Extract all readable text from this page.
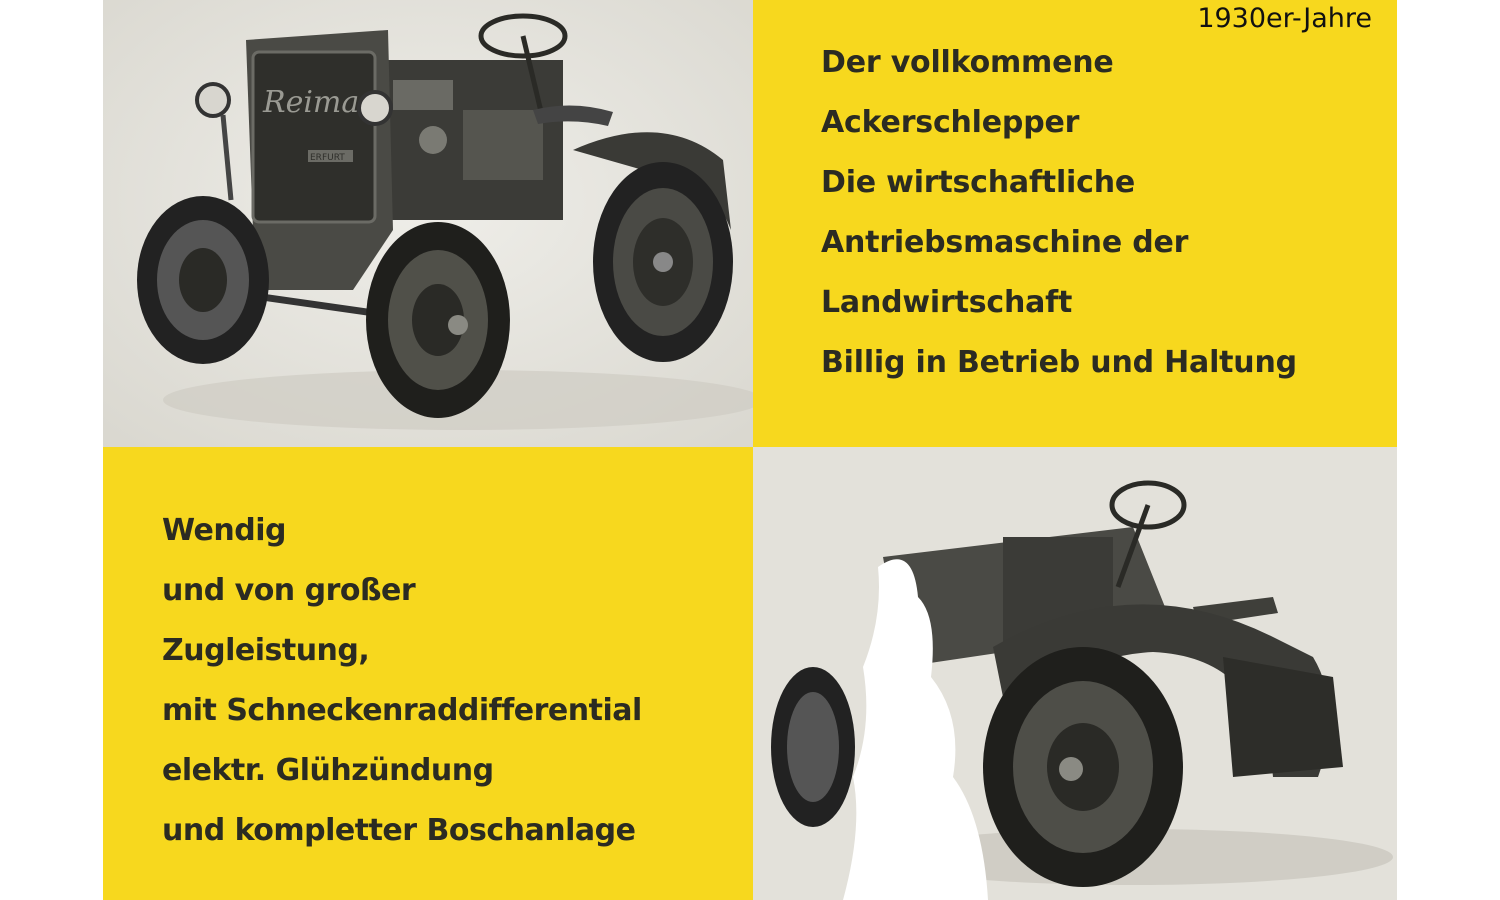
Reima
ERFURT
Der vollkommene
Ackerschlepper
Die wirtschaftliche
Antriebsmaschine der
Landwirtschaft
Billig in Betrieb und Haltung
Wendig
und von großer
Zugleistung,
mit Schneckenraddifferential
elektr. Glühzündung
und kompletter Boschanlage
1930er-Jahre
